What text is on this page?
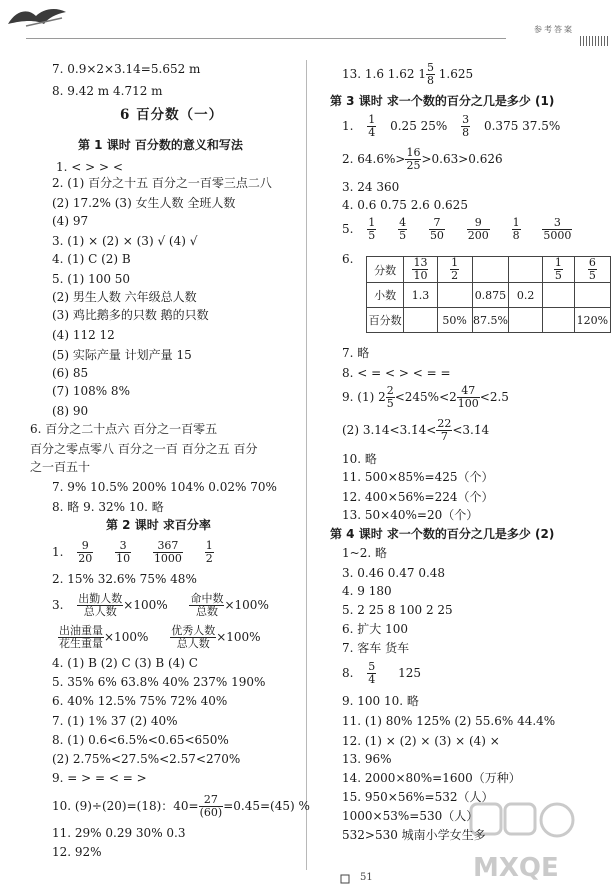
参考答案
7. 0.9×2×3.14=5.652 m
8. 9.42 m 4.712 m
6 百分数（一）
第 1 课时 百分数的意义和写法
1. < > > <
2. (1) 百分之十五 百分之一百零三点二八
(2) 17.2% (3) 女生人数 全班人数
(4) 97
3. (1) × (2) × (3) √ (4) √
4. (1) C (2) B
5. (1) 100 50
(2) 男生人数 六年级总人数
(3) 鸡比鹅多的只数 鹅的只数
(4) 112 12
(5) 实际产量 计划产量 15
(6) 85
(7) 108% 8%
(8) 90
6. 百分之二十点六 百分之一百零五
百分之零点零八 百分之一百 百分之五 百分
之一百五十
7. 9% 10.5% 200% 104% 0.02% 70%
8. 略 9. 32% 10. 略
第 2 课时 求百分率
1. $\frac{9}{20}$
$\frac{3}{10}$
$\frac{367}{1000}$
$\frac{1}{2}$
2. 15% 32.6% 75% 48%
3. 出勤人数
总人数 ×100% 命中数
总数 ×100%
出油重量
花生重量 ×100% 优秀人数
总人数 ×100%
4. (1) B (2) C (3) B (4) C
5. 35% 6% 63.8% 40% 237% 190%
6. 40% 12.5% 75% 72% 40%
7. (1) 1% 37 (2) 40%
8. (1) 0.6<6.5%<0.65<650%
(2) 2.75%<27.5%<2.57<270%
9. = > = < = >
10. (9)÷(20)=(18)：$40= \frac{27}{(60)} =0.45=(45)$ %
11. 29% 0.29 30% 0.3
12. 92%
13. 1.6̇ 1.62 $1 \frac{5}{8} 1.625$
第 3 课时 求一个数的百分之几是多少 (1)
1. $\frac{1}{4} 0.25$ $25\% \frac{3}{8} 0.375$ 37.5%
2. $64.6\%> \frac{16}{25}$ >0.63>0.62̇6̇
3. 24 360
4. 0.6 0.75 2.6 0.625
5. $\frac{1}{5}$
$\frac{4}{5}$
$\frac{7}{50}$
$\frac{9}{200}$
$\frac{1}{8}$
$\frac{3}{5000}$
6.
分数	$\frac{13}{10}$	$\frac{1}{2}$			$\frac{1}{5}$	$\frac{6}{5}$

小数	1.3		0.875	0.2		
百分数		50%	87.5%			120%
7. 略
8. < = < > < = =
9. (1) $2 \frac{2}{5} <245\%<2 \frac{47}{100} <2.5$
(2) 3.14<3.1̇4̇< $\frac{22}{7}$ <3.1̇4̇
10. 略
11. 500×85%=425（个）
12. 400×56%=224（个）
13. 50×40%=20（个）
第 4 课时 求一个数的百分之几是多少 (2)
1~2. 略
3. 0.46 0.47 0.48
4. 9 180
5. 2 25 8 100 2 25
6. 扩大 100
7. 客车 货车
8. $\frac{5}{4} 125$
9. 100 10. 略
11. (1) 80% 125% (2) 55.6% 44.4%
12. (1) × (2) × (3) × (4) ×
13. 96%
14. 2000×80%=1600（万种）
15. 950×56%=532（人）
1000×53%=530（人）
532>530 城南小学女生多
MXQE
51
